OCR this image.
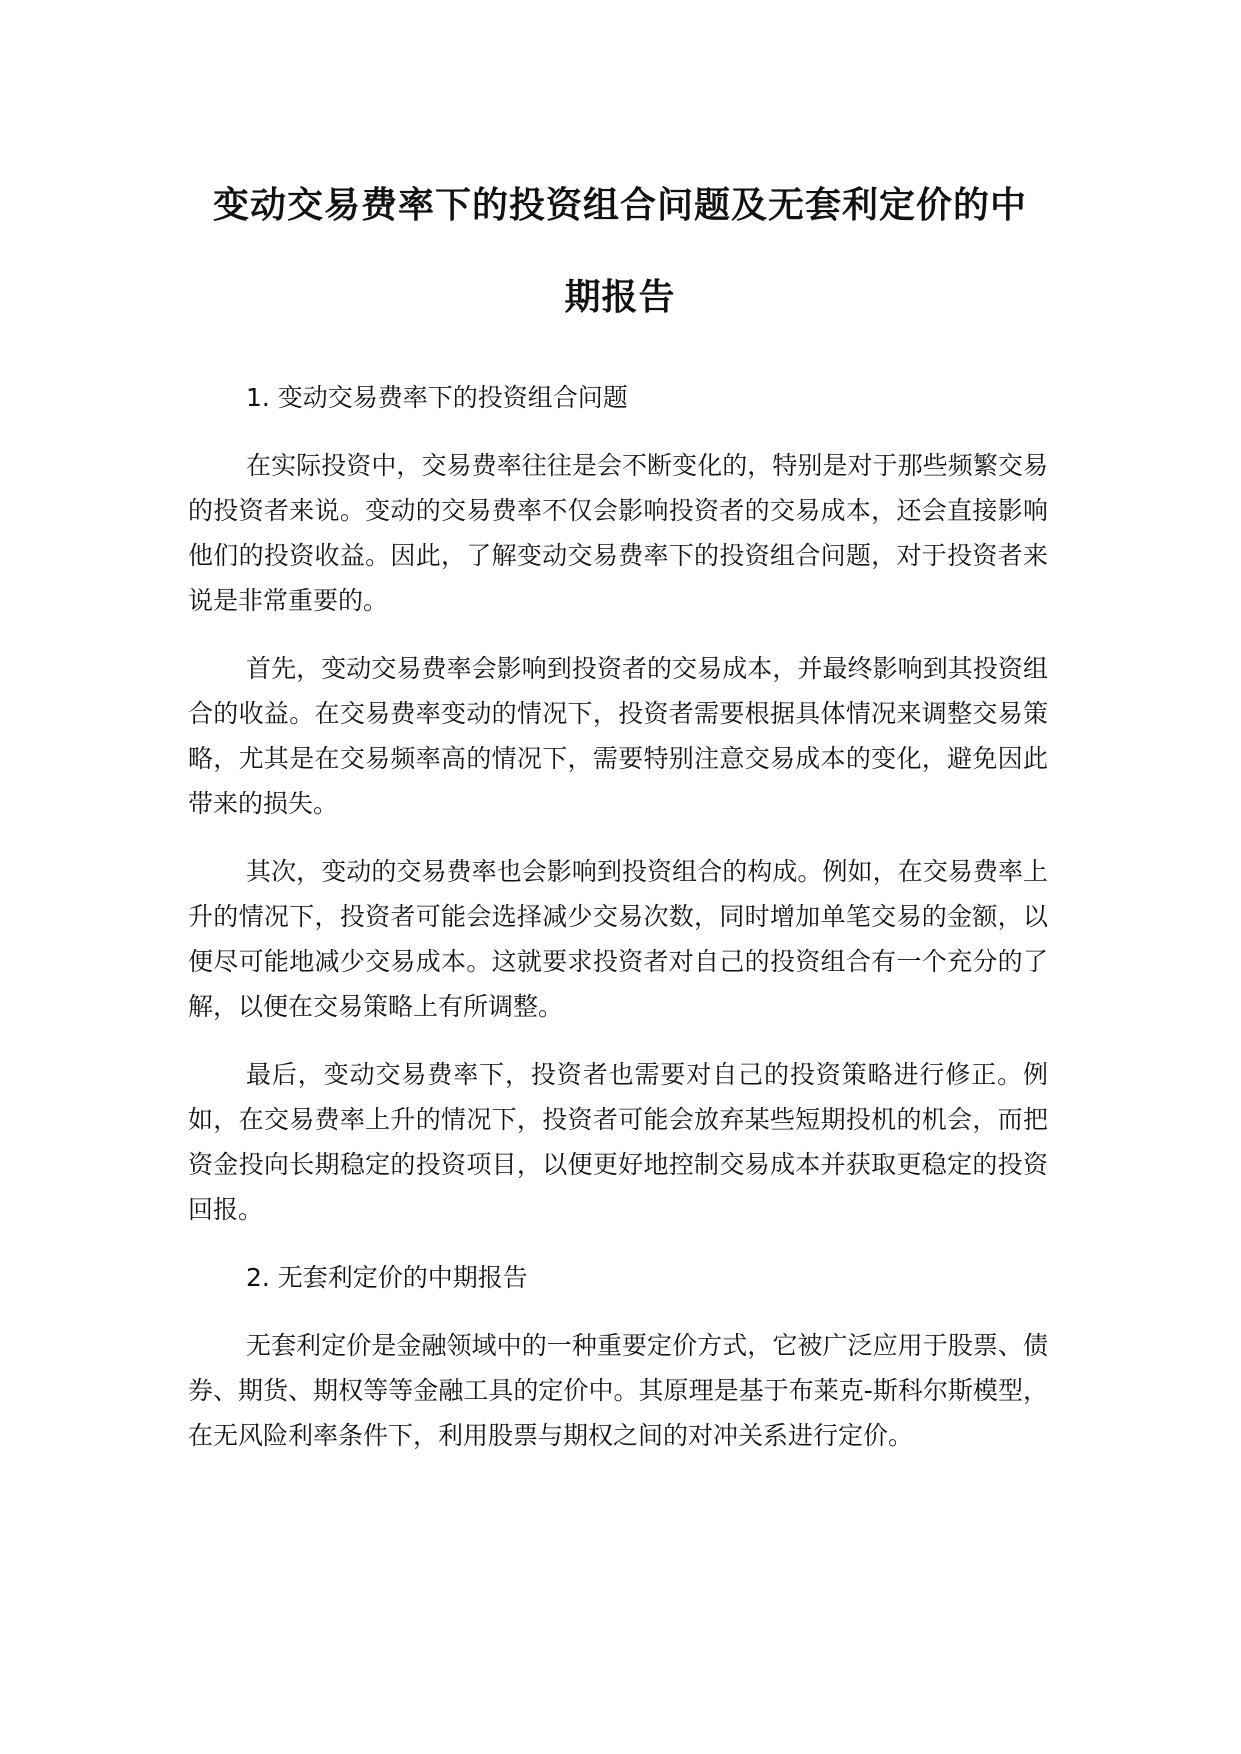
变动交易费率下的投资组合问题及无套利定价的中
期报告

1. 变动交易费率下的投资组合问题

在实际投资中，交易费率往往是会不断变化的，特别是对于那些频繁交易的投资者来说。变动的交易费率不仅会影响投资者的交易成本，还会直接影响他们的投资收益。因此，了解变动交易费率下的投资组合问题，对于投资者来说是非常重要的。

首先，变动交易费率会影响到投资者的交易成本，并最终影响到其投资组合的收益。在交易费率变动的情况下，投资者需要根据具体情况来调整交易策略，尤其是在交易频率高的情况下，需要特别注意交易成本的变化，避免因此带来的损失。

其次，变动的交易费率也会影响到投资组合的构成。例如，在交易费率上升的情况下，投资者可能会选择减少交易次数，同时增加单笔交易的金额，以便尽可能地减少交易成本。这就要求投资者对自己的投资组合有一个充分的了解，以便在交易策略上有所调整。

最后，变动交易费率下，投资者也需要对自己的投资策略进行修正。例如，在交易费率上升的情况下，投资者可能会放弃某些短期投机的机会，而把资金投向长期稳定的投资项目，以便更好地控制交易成本并获取更稳定的投资回报。

2. 无套利定价的中期报告

无套利定价是金融领域中的一种重要定价方式，它被广泛应用于股票、债券、期货、期权等等金融工具的定价中。其原理是基于布莱克-斯科尔斯模型，在无风险利率条件下，利用股票与期权之间的对冲关系进行定价。
